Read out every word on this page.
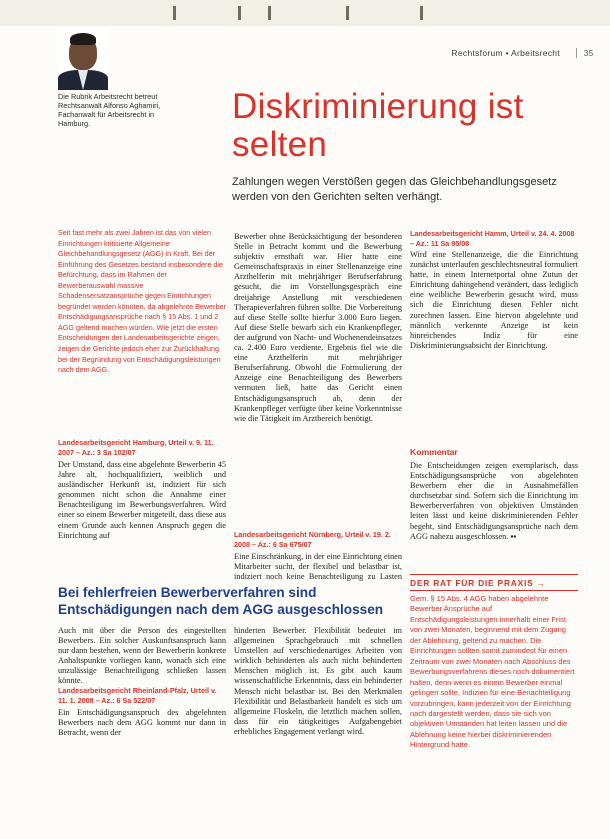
Die Rubrik Arbeitsrecht betreut Rechtsanwalt Alfonso Aghamiri, Fachanwalt für Arbeitsrecht in Hamburg.
Rechtsforum • Arbeitsrecht	35
Diskriminierung ist selten
Zahlungen wegen Verstößen gegen das Gleichbehandlungsgesetz werden von den Gerichten selten verhängt.
Seit fast mehr als zwei Jahren ist das von vielen Einrichtungen kritisierte Allgemeine Gleichbehandlungsgesetz (AGG) in Kraft. Bei der Einführung des Gesetzes bestand insbesondere die Befürchtung, dass im Rahmen der Bewerberauswahl massive Schadensersatzansprüche gegen Einrichtungen begründet werden könnten, da abgelehnte Bewerber Entschädigungsansprüche nach § 15 Abs. 1 und 2 AGG geltend machen würden. Wie jetzt die ersten Entscheidungen der Landesarbeitsgerichte zeigen, zeigen die Gerichte jedoch eher zur Zurückhaltung bei der Begründung von Entschädigungsleistungen nach dem AGG.
Landesarbeitsgericht Hamburg, Urteil v. 9. 11. 2007 – Az.: 3 Sa 102/07
Der Umstand, dass eine abgelehnte Bewerberin 45 Jahre alt, hochqualifiziert, weiblich und ausländischer Herkunft ist, indiziert für sich genommen nicht schon die Annahme einer Benachteiligung im Bewerbungsverfahren. Wird einer so einem Bewerber mitgeteilt, dass diese aus einem Grunde auch kennen Anspruch gegen die Einrichtung auf
Bewerber ohne Berücksichtigung der besonderen Stelle in Betracht kommt und die Bewerbung subjektiv ernsthaft war. Hier hatte eine Gemeinschaftspraxis in einer Stellenanzeige eine Arzthelferin mit mehrjähriger Berufserfahrung gesucht, die im Vorstellungsgespräch eine dreijahrige Anstellung mit verschiedenen Therapieverfahren führen sollte. Die Vorbereitung auf diese Stelle sollte hierfur 3.000 Euro liegen. Auf diese Stelle bewarb sich ein Krankenpfleger, der aufgrund von Nacht- und Wochenendeinsatzes ca. 2.400 Euro verdiente. Ergebnis fiel wie die eine Arzthelferin mit mehrjähriger Berufserfahrung. Obwohl die Formulierung der Anzeige eine Benachteiligung des Bewerbers vermuten ließ, hatte das Gericht einen Entschädigungsanspruch ab, denn der Krankenpfleger verfügte über keine Vorkenntnisse wie die Tätigkeit im Arztbereich benötigt.
Landesarbeitsgericht Nürnberg, Urteil v. 19. 2. 2008 – Az.: 6 Sa 675/07
Eine Einschränkung, in der eine Einrichtung einen Mitarbeiter sucht, der flexibel und belastbar ist, indiziert noch keine Benachteiligung zu Lasten
Landesarbeitsgericht Hamm, Urteil v. 24. 4. 2008 – Az.: 11 Sa 95/08
Wird eine Stellenanzeige, die die Einrichtung zunächst unterlaufen geschlechtsneutral formuliert hatte, in einem Internetportal ohne Zutun der Einrichtung dahingehend verändert, dass lediglich eine weibliche Bewerberin gesucht wird, muss sich die Einrichtung diesen Fehler nicht zurechnen lassen. Eine hiervon abgelehnte und männlich verkennte Anzeige ist kein hinreichendes Indiz für eine Diskriminierungsabsicht der Einrichtung.
Kommentar
Die Entscheidungen zeigen exemplarisch, dass Entschädigungsansprüche von abgelehnten Bewerbern eher die in Ausnahmefällen durchsetzbar sind. Sofern sich die Einrichtung im Bewerberverfahren von objektiven Umständen leiten lässt und keine diskriminierenden Fehler begeht, sind Entschädigungsansprüche nach dem AGG nahezu ausgeschlossen. ▪▪
DER RAT FÜR DIE PRAXIS →
Gem. § 15 Abs. 4 AGG haben abgelehnte Bewerber Ansprüche auf Entschädigungsleistungen innerhalb einer Frist von zwei Monaten, beginnend mit dem Zugang der Ablehnung, geltend zu machen. Die Einrichtungen sollten somit zumindest für einen Zeitraum von zwei Monaten nach Abschluss des Bewerbungsverfahrens dieses noch dokumentiert halten, denn wenn es einem Bewerber einmal gelingen sollte, Indizien für eine Benachteiligung vorzubringen, kann jederzeit von der Einrichtung nach dargestellt werden, dass sie sich von objektiven Umständen hat leiten lassen und die Ablehnung keine hierbei diskriminierenden Hintergrund hatte.
Bei fehlerfreien Bewerberverfahren sind Entschädigungen nach dem AGG ausgeschlossen
Auch mit über die Person des eingestellten Bewerbers. Ein solcher Auskunftsanspruch kann nur dann bestehen, wenn der Bewerberin konkrete Anhaltspunkte vorliegen kann, wonach sich eine unzulässige Benachteiligung schließen lassen könnte.
Landesarbeitsgericht Rheinland-Pfalz, Urteil v. 11. 1. 2008 – Az.: 6 Sa 522/07
Ein Entschädigungsanspruch des abgelehnten Bewerbers nach dem AGG kommt nur dann in Betracht, wenn der
hinderten Bewerber. Flexibilität bedeutet im allgemeinen Sprachgebrauch mit schnellen Umstellen auf verschiedenartiges Arbeiten von wirklich behinderten als auch nicht behinderten Menschen möglich ist. Es gibt auch kaum wissenschaftliche Erkenntnis, dass ein behinderter Mensch nicht belastbar ist. Bei den Merkmalen Flexibilität und Belastbarkeit handelt es sich um allgemeine Floskeln, die letztlich machen sollen, dass für ein tätigkeitiges Aufgabengebiet erhebliches Engagement verlangt wird.
